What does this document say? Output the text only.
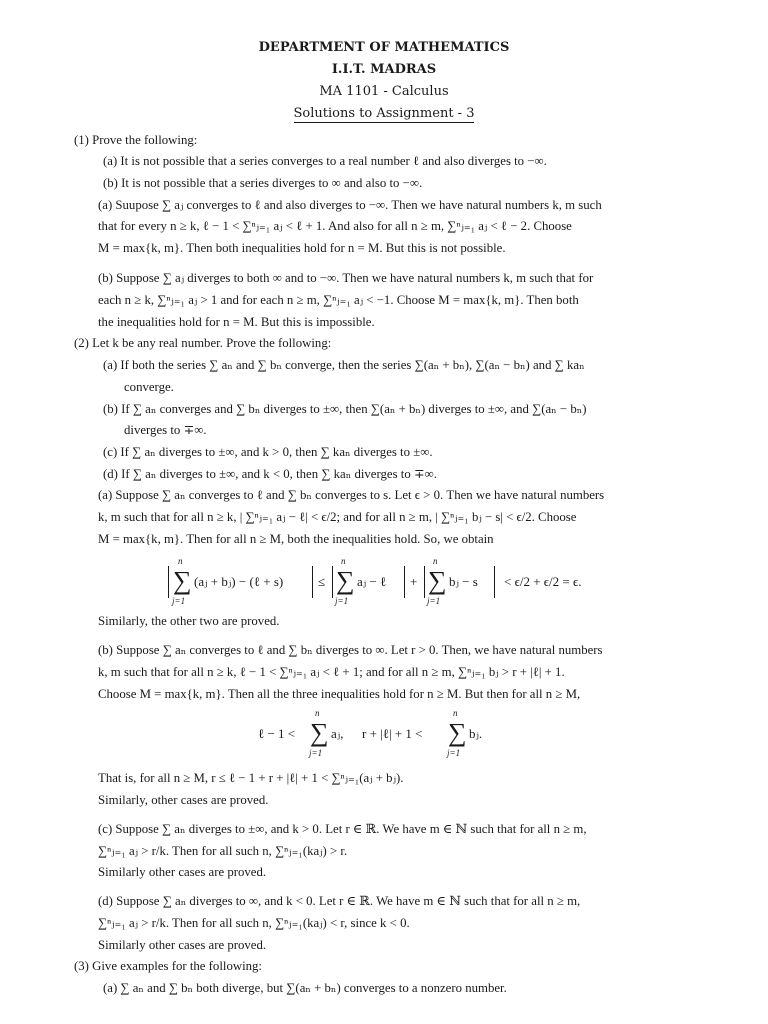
DEPARTMENT OF MATHEMATICS
I.I.T. MADRAS
MA 1101 - Calculus
Solutions to Assignment - 3
(1) Prove the following:
(a) It is not possible that a series converges to a real number ℓ and also diverges to −∞.
(b) It is not possible that a series diverges to ∞ and also to −∞.
(a) Suupose ∑ aⱼ converges to ℓ and also diverges to −∞. Then we have natural numbers k, m such
that for every n ≥ k, ℓ − 1 < ∑ⁿⱼ₌₁ aⱼ < ℓ + 1. And also for all n ≥ m, ∑ⁿⱼ₌₁ aⱼ < ℓ − 2. Choose
M = max{k, m}. Then both inequalities hold for n = M. But this is not possible.
(b) Suppose ∑ aⱼ diverges to both ∞ and to −∞. Then we have natural numbers k, m such that for
each n ≥ k, ∑ⁿⱼ₌₁ aⱼ > 1 and for each n ≥ m, ∑ⁿⱼ₌₁ aⱼ < −1. Choose M = max{k, m}. Then both
the inequalities hold for n = M. But this is impossible.
(2) Let k be any real number. Prove the following:
(a) If both the series ∑ aₙ and ∑ bₙ converge, then the series ∑(aₙ + bₙ), ∑(aₙ − bₙ) and ∑ kaₙ
converge.
(b) If ∑ aₙ converges and ∑ bₙ diverges to ±∞, then ∑(aₙ + bₙ) diverges to ±∞, and ∑(aₙ − bₙ)
diverges to ∓∞.
(c) If ∑ aₙ diverges to ±∞, and k > 0, then ∑ kaₙ diverges to ±∞.
(d) If ∑ aₙ diverges to ±∞, and k < 0, then ∑ kaₙ diverges to ∓∞.
(a) Suppose ∑ aₙ converges to ℓ and ∑ bₙ converges to s. Let ϵ > 0. Then we have natural numbers
k, m such that for all n ≥ k, | ∑ⁿⱼ₌₁ aⱼ − ℓ| < ϵ/2; and for all n ≥ m, | ∑ⁿⱼ₌₁ bⱼ − s| < ϵ/2. Choose
M = max{k, m}. Then for all n ≥ M, both the inequalities hold. So, we obtain
∑
n
j=1
(aⱼ + bⱼ) − (ℓ + s)	≤ ∑
n
j=1
aⱼ − ℓ + ∑
n
j=1
bⱼ − s < ϵ/2 + ϵ/2 = ϵ.
Similarly, the other two are proved.
(b) Suppose ∑ aₙ converges to ℓ and ∑ bₙ diverges to ∞. Let r > 0. Then, we have natural numbers
k, m such that for all n ≥ k, ℓ − 1 < ∑ⁿⱼ₌₁ aⱼ < ℓ + 1; and for all n ≥ m, ∑ⁿⱼ₌₁ bⱼ > r + |ℓ| + 1.
Choose M = max{k, m}. Then all the three inequalities hold for n ≥ M. But then for all n ≥ M,
ℓ − 1 < ∑
n
j=1
aⱼ, r + |ℓ| + 1 < ∑
n
j=1
bⱼ.
That is, for all n ≥ M, r ≤ ℓ − 1 + r + |ℓ| + 1 < ∑ⁿⱼ₌₁(aⱼ + bⱼ).
Similarly, other cases are proved.
(c) Suppose ∑ aₙ diverges to ±∞, and k > 0. Let r ∈ ℝ. We have m ∈ ℕ such that for all n ≥ m,
∑ⁿⱼ₌₁ aⱼ > r/k. Then for all such n, ∑ⁿⱼ₌₁(kaⱼ) > r.
Similarly other cases are proved.
(d) Suppose ∑ aₙ diverges to ∞, and k < 0. Let r ∈ ℝ. We have m ∈ ℕ such that for all n ≥ m,
∑ⁿⱼ₌₁ aⱼ > r/k. Then for all such n, ∑ⁿⱼ₌₁(kaⱼ) < r, since k < 0.
Similarly other cases are proved.
(3) Give examples for the following:
(a) ∑ aₙ and ∑ bₙ both diverge, but ∑(aₙ + bₙ) converges to a nonzero number.
